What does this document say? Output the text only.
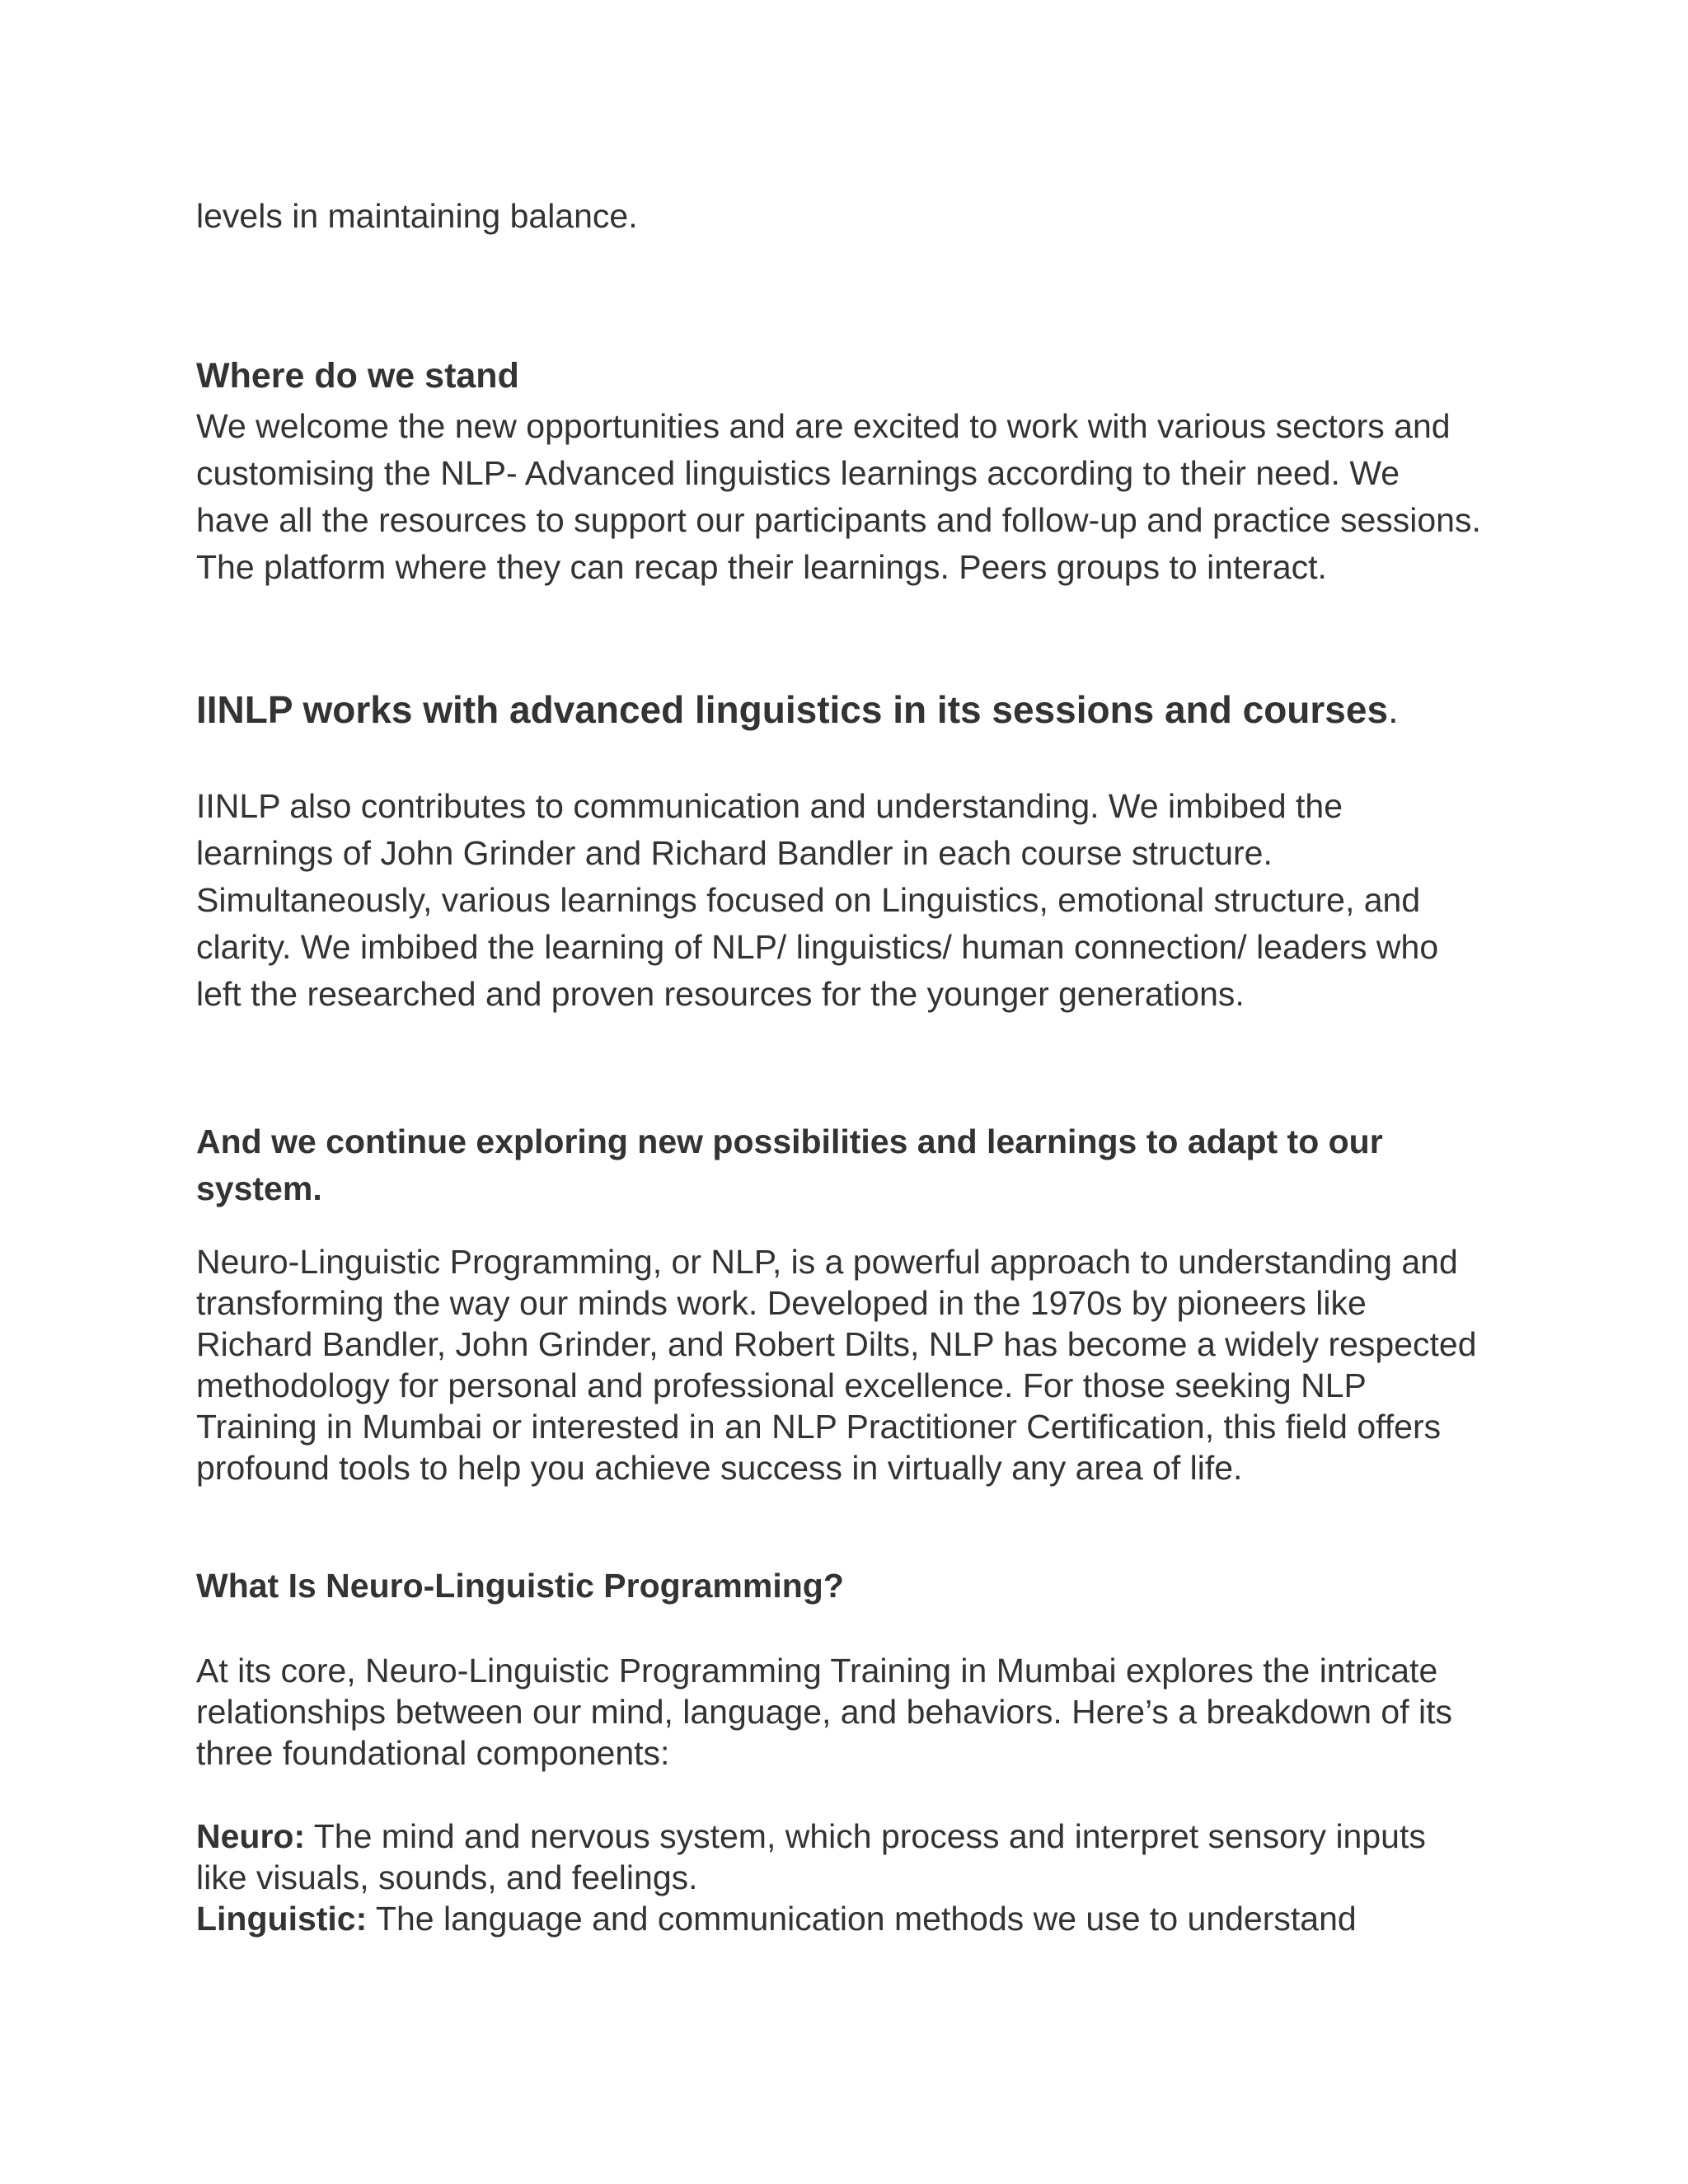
levels in maintaining balance.

Where do we stand

We welcome the new opportunities and are excited to work with various sectors and customising the NLP- Advanced linguistics learnings according to their need. We have all the resources to support our participants and follow-up and practice sessions. The platform where they can recap their learnings. Peers groups to interact.

IINLP works with advanced linguistics in its sessions and courses.

IINLP also contributes to communication and understanding. We imbibed the learnings of John Grinder and Richard Bandler in each course structure. Simultaneously, various learnings focused on Linguistics, emotional structure, and clarity. We imbibed the learning of NLP/ linguistics/ human connection/ leaders who left the researched and proven resources for the younger generations.

And we continue exploring new possibilities and learnings to adapt to our system.

Neuro-Linguistic Programming, or NLP, is a powerful approach to understanding and transforming the way our minds work. Developed in the 1970s by pioneers like Richard Bandler, John Grinder, and Robert Dilts, NLP has become a widely respected methodology for personal and professional excellence. For those seeking NLP Training in Mumbai or interested in an NLP Practitioner Certification, this field offers profound tools to help you achieve success in virtually any area of life.

What Is Neuro-Linguistic Programming?

At its core, Neuro-Linguistic Programming Training in Mumbai explores the intricate relationships between our mind, language, and behaviors. Here’s a breakdown of its three foundational components:

Neuro: The mind and nervous system, which process and interpret sensory inputs like visuals, sounds, and feelings.

Linguistic: The language and communication methods we use to understand
